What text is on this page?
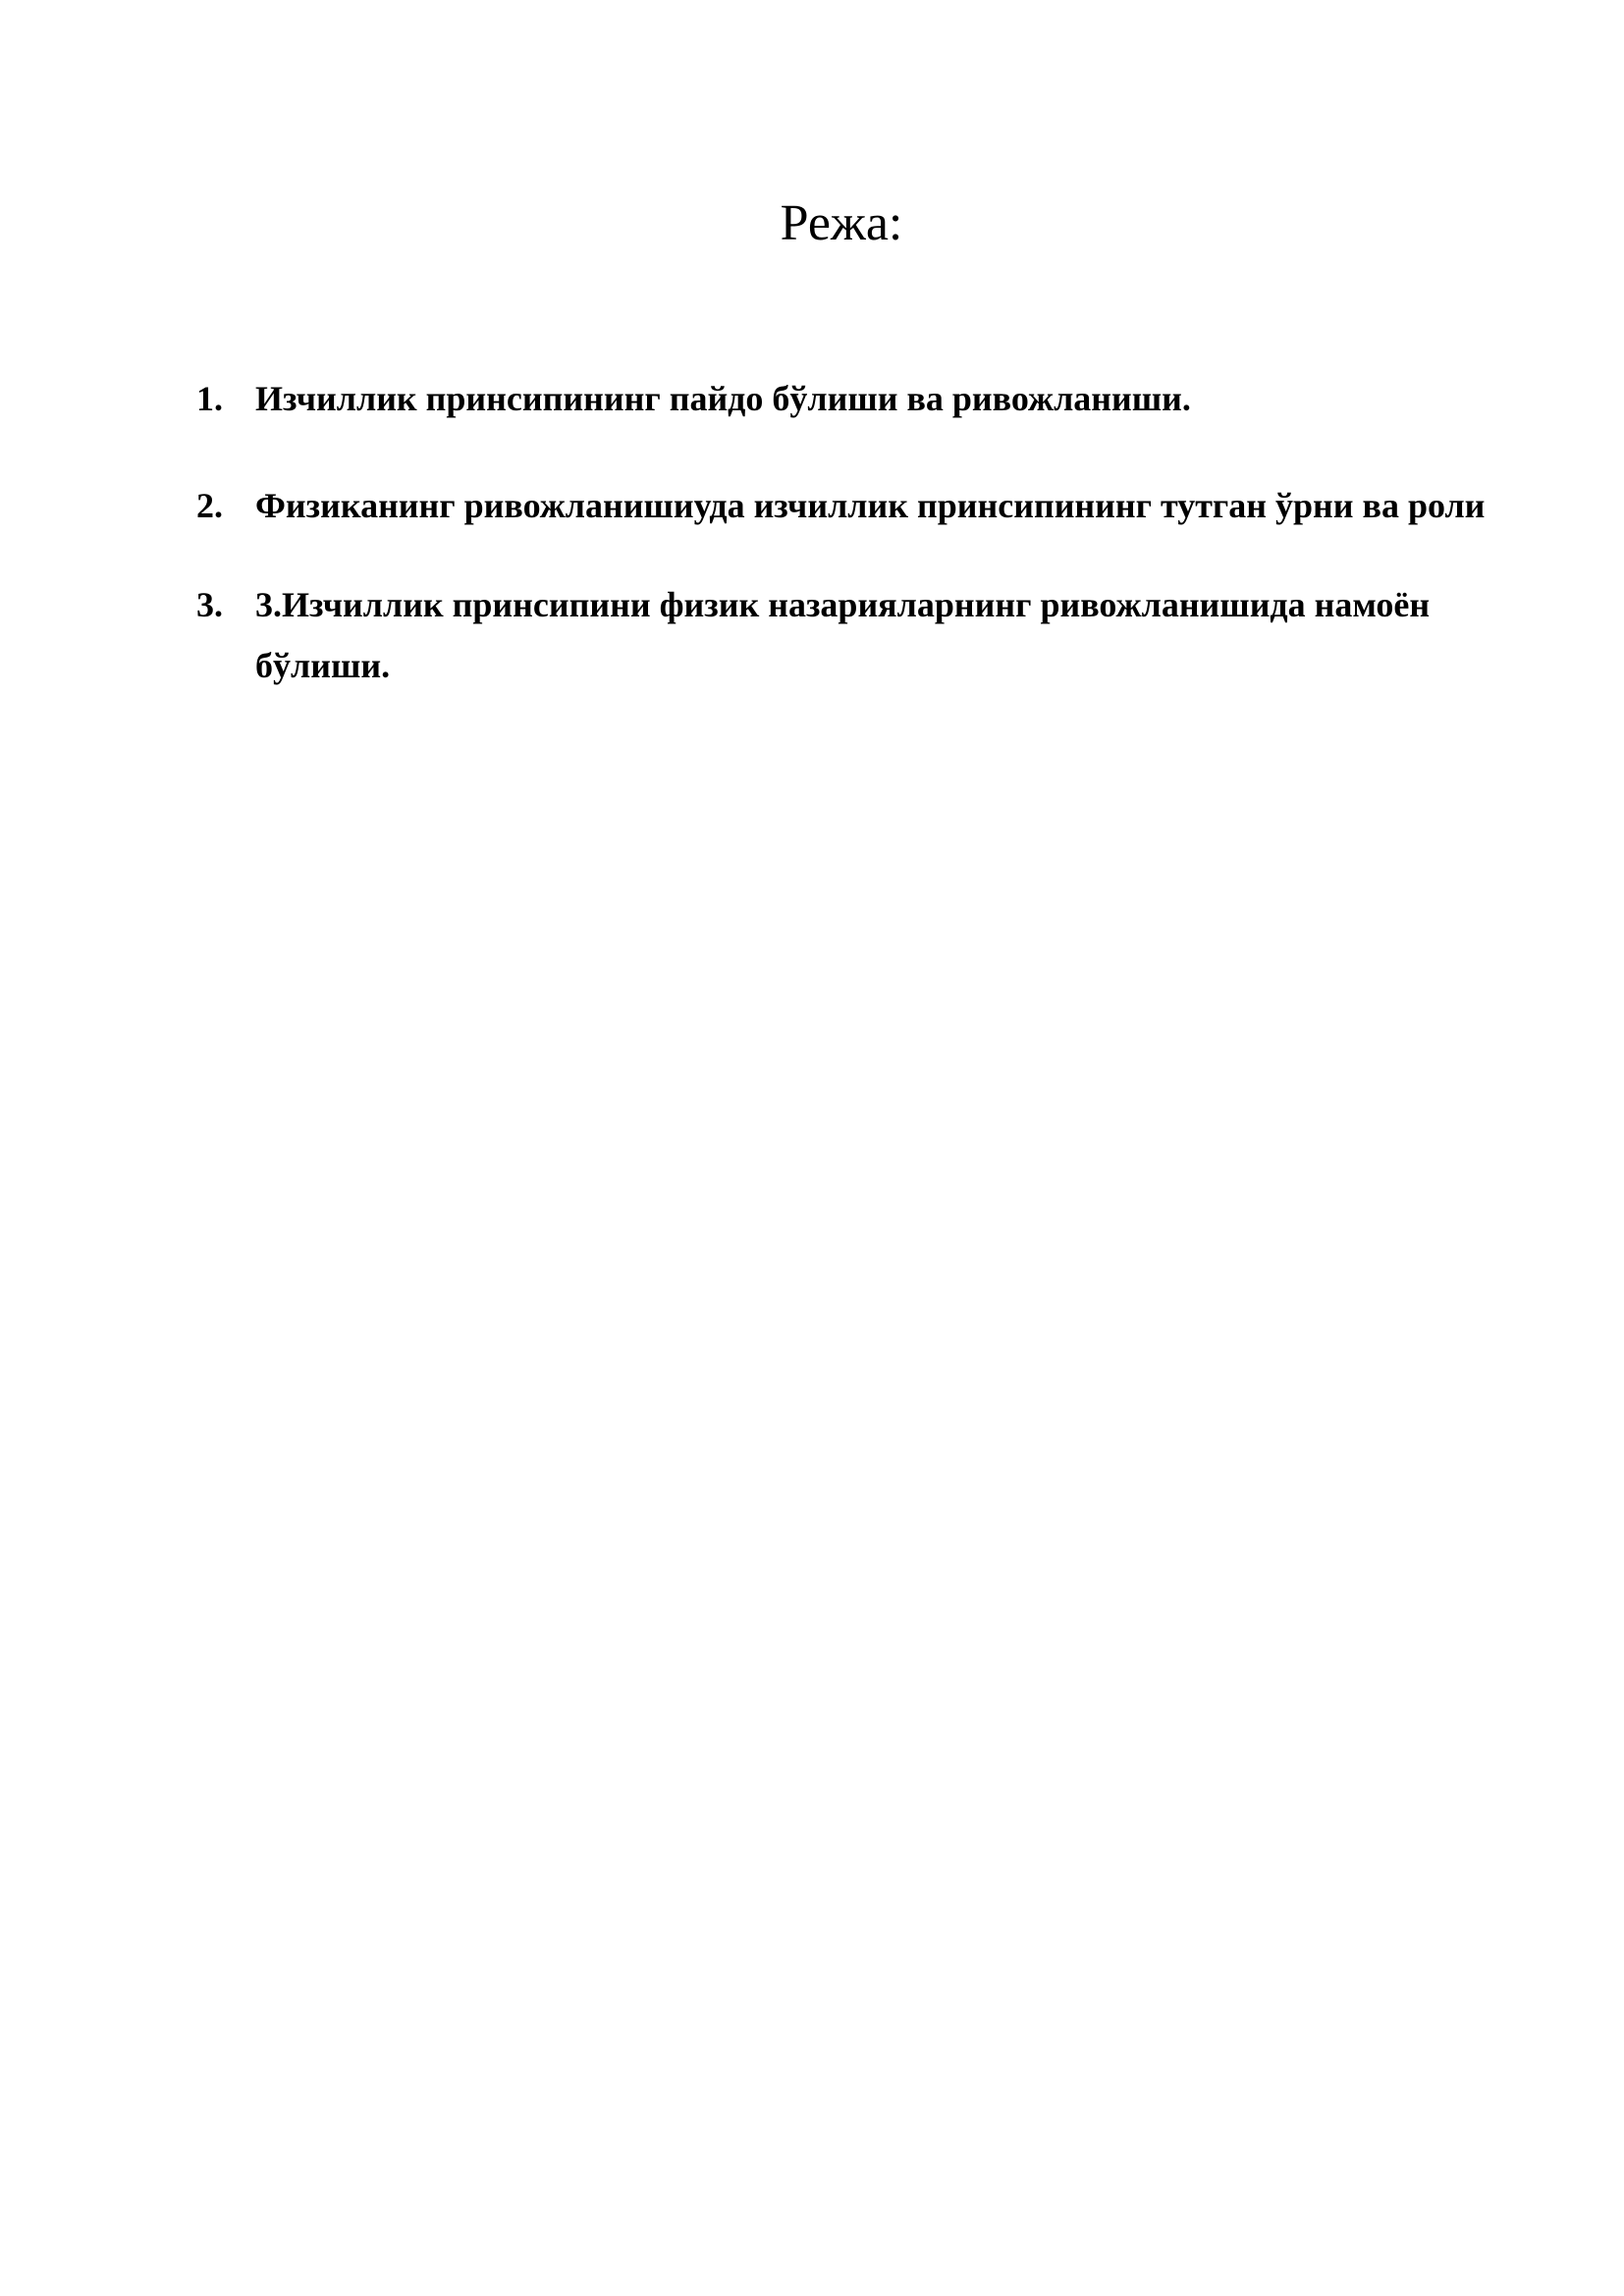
Режа:
1. Изчиллик принсипининг пайдо бўлиши ва ривожланиши.
2. Физиканинг ривожланишиуда изчиллик принсипининг тутган ўрни ва роли
3. 3.Изчиллик принсипини физик назарияларнинг ривожланишида намоён бўлиши.
